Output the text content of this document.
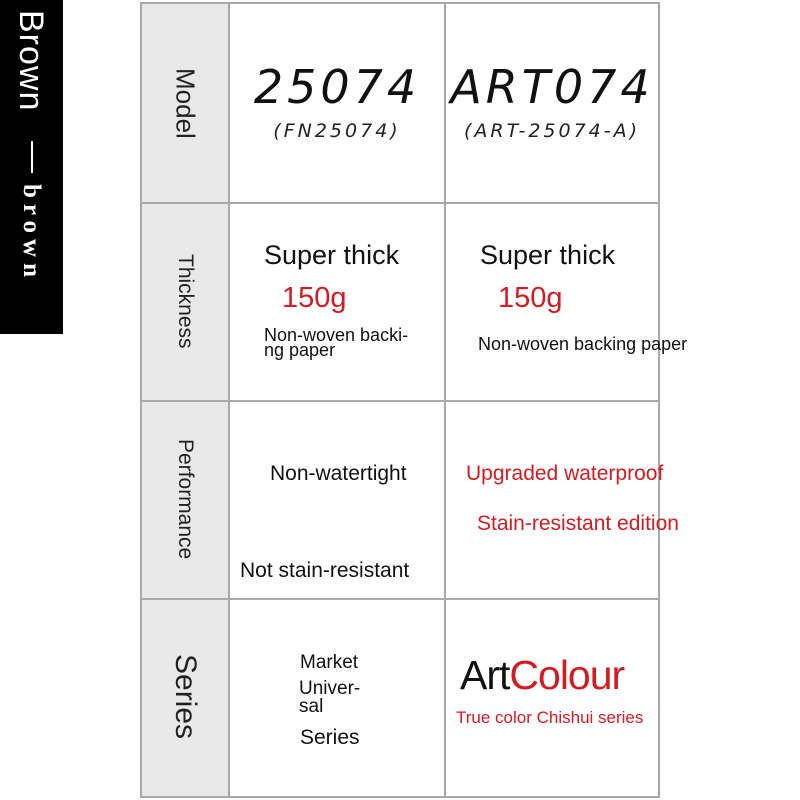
Brown
brown
Model
Thickness
Performance
Series
25074
(FN25074)
ART074
(ART-25074-A)
Super thick
150g
Non-woven backi-
ng paper
Super thick
150g
Non-woven backing paper
Non-watertight
Not stain-resistant
Upgraded waterproof
Stain-resistant edition
Market
Univer-
sal
Series
ArtColour
True color Chishui series
